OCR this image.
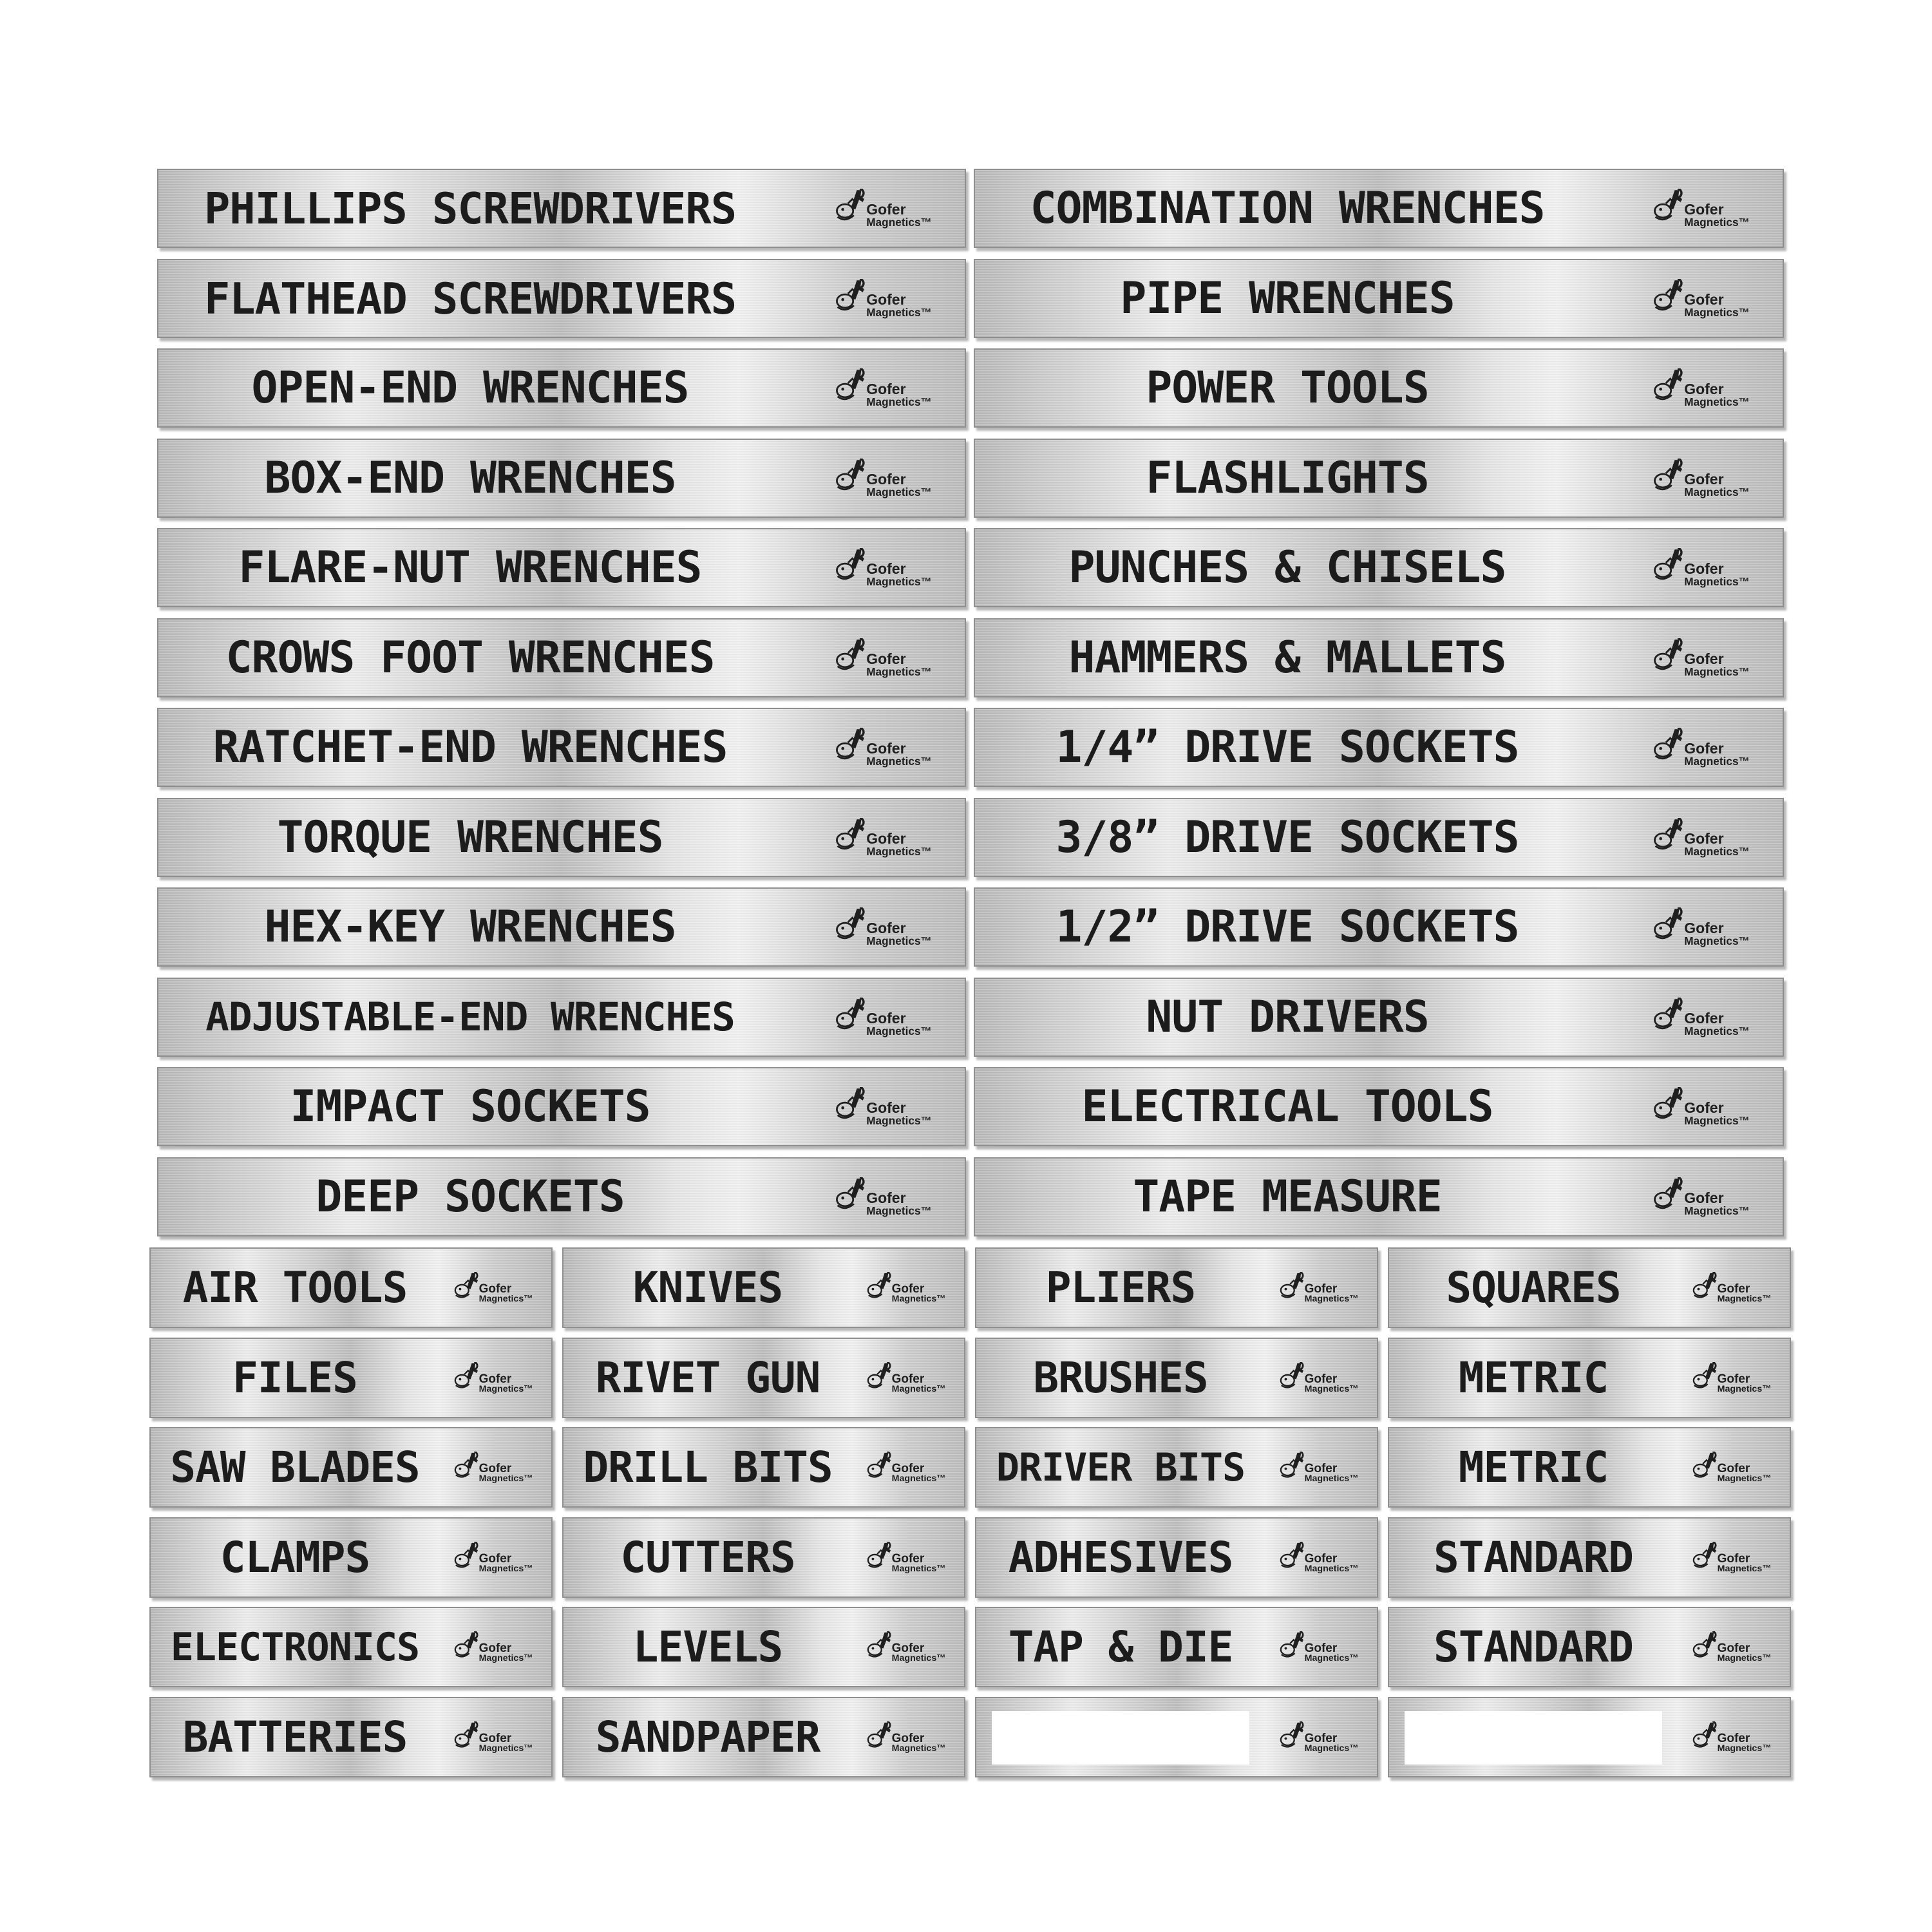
PHILLIPS SCREWDRIVERS	Gofer
Magnetics™
FLATHEAD SCREWDRIVERS	Gofer
Magnetics™
OPEN-END WRENCHES	Gofer
Magnetics™
BOX-END WRENCHES	Gofer
Magnetics™
FLARE-NUT WRENCHES	Gofer
Magnetics™
CROWS FOOT WRENCHES	Gofer
Magnetics™
RATCHET-END WRENCHES	Gofer
Magnetics™
TORQUE WRENCHES	Gofer
Magnetics™
HEX-KEY WRENCHES	Gofer
Magnetics™
ADJUSTABLE-END WRENCHES	Gofer
Magnetics™
IMPACT SOCKETS	Gofer
Magnetics™
DEEP SOCKETS	Gofer
Magnetics™
COMBINATION WRENCHES	Gofer
Magnetics™
PIPE WRENCHES	Gofer
Magnetics™
POWER TOOLS	Gofer
Magnetics™
FLASHLIGHTS	Gofer
Magnetics™
PUNCHES & CHISELS	Gofer
Magnetics™
HAMMERS & MALLETS	Gofer
Magnetics™
1/4” DRIVE SOCKETS	Gofer
Magnetics™
3/8” DRIVE SOCKETS	Gofer
Magnetics™
1/2” DRIVE SOCKETS	Gofer
Magnetics™
NUT DRIVERS	Gofer
Magnetics™
ELECTRICAL TOOLS	Gofer
Magnetics™
TAPE MEASURE	Gofer
Magnetics™
AIR TOOLS	Gofer
Magnetics™
FILES	Gofer
Magnetics™
SAW BLADES	Gofer
Magnetics™
CLAMPS	Gofer
Magnetics™
ELECTRONICS	Gofer
Magnetics™
BATTERIES	Gofer
Magnetics™
KNIVES	Gofer
Magnetics™
RIVET GUN	Gofer
Magnetics™
DRILL BITS	Gofer
Magnetics™
CUTTERS	Gofer
Magnetics™
LEVELS	Gofer
Magnetics™
SANDPAPER	Gofer
Magnetics™
PLIERS	Gofer
Magnetics™
BRUSHES	Gofer
Magnetics™
DRIVER BITS	Gofer
Magnetics™
ADHESIVES	Gofer
Magnetics™
TAP & DIE	Gofer
Magnetics™
Gofer
Magnetics™
SQUARES	Gofer
Magnetics™
METRIC	Gofer
Magnetics™
METRIC	Gofer
Magnetics™
STANDARD	Gofer
Magnetics™
STANDARD	Gofer
Magnetics™
Gofer
Magnetics™
